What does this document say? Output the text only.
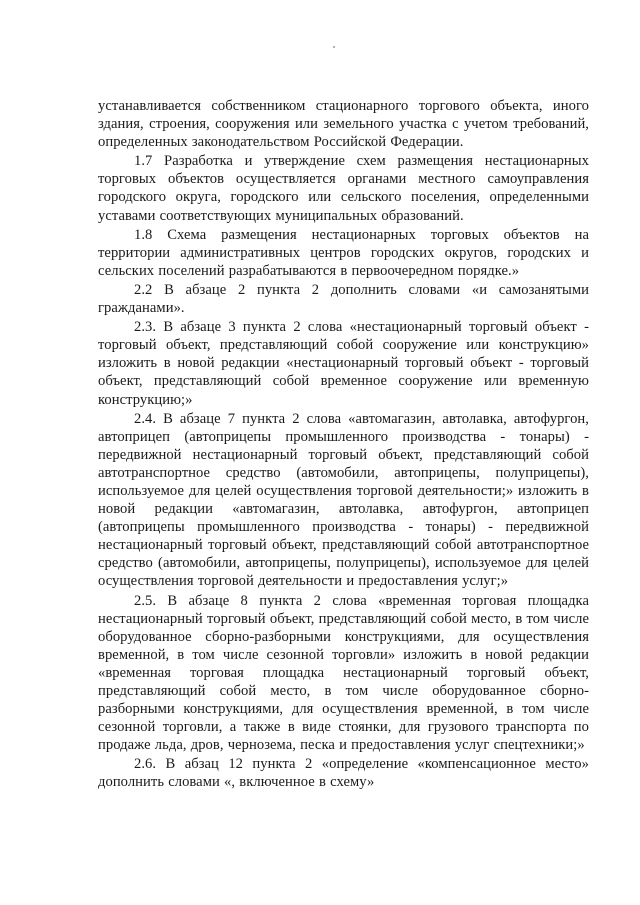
устанавливается собственником стационарного торгового объекта, иного здания, строения, сооружения или земельного участка с учетом требований, определенных законодательством Российской Федерации.

1.7 Разработка и утверждение схем размещения нестационарных торговых объектов осуществляется органами местного самоуправления городского округа, городского или сельского поселения, определенными уставами соответствующих муниципальных образований.

1.8 Схема размещения нестационарных торговых объектов на территории административных центров городских округов, городских и сельских поселений разрабатываются в первоочередном порядке.»

2.2 В абзаце 2 пункта 2 дополнить словами «и самозанятыми гражданами».

2.3. В абзаце 3 пункта 2 слова «нестационарный торговый объект - торговый объект, представляющий собой сооружение или конструкцию» изложить в новой редакции «нестационарный торговый объект - торговый объект, представляющий собой временное сооружение или временную конструкцию;»

2.4. В абзаце 7 пункта 2 слова «автомагазин, автолавка, автофургон, автоприцеп (автоприцепы промышленного производства - тонары) - передвижной нестационарный торговый объект, представляющий собой автотранспортное средство (автомобили, автоприцепы, полуприцепы), используемое для целей осуществления торговой деятельности;» изложить в новой редакции «автомагазин, автолавка, автофургон, автоприцеп (автоприцепы промышленного производства - тонары) - передвижной нестационарный торговый объект, представляющий собой автотранспортное средство (автомобили, автоприцепы, полуприцепы), используемое для целей осуществления торговой деятельности и предоставления услуг;»

2.5. В абзаце 8 пункта 2 слова «временная торговая площадка нестационарный торговый объект, представляющий собой место, в том числе оборудованное сборно-разборными конструкциями, для осуществления временной, в том числе сезонной торговли» изложить в новой редакции «временная торговая площадка нестационарный торговый объект, представляющий собой место, в том числе оборудованное сборно-разборными конструкциями, для осуществления временной, в том числе сезонной торговли, а также в виде стоянки, для грузового транспорта по продаже льда, дров, чернозема, песка и предоставления услуг спецтехники;»

2.6. В абзац 12 пункта 2 «определение «компенсационное место» дополнить словами «, включенное в схему»
